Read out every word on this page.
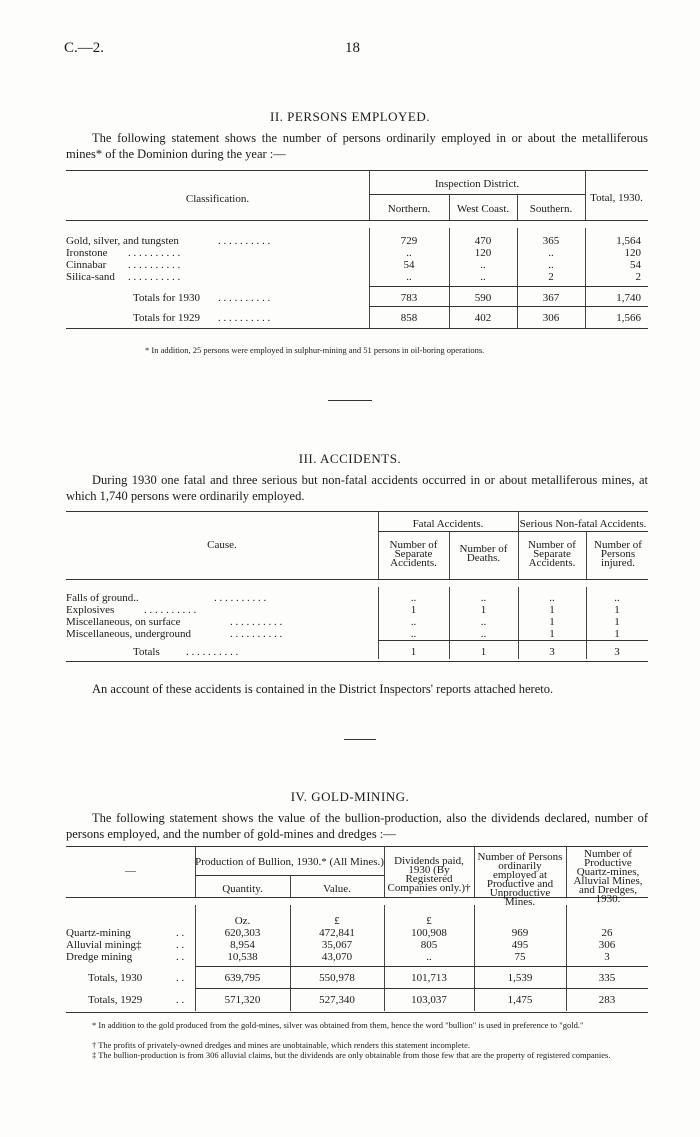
C.—2.	18
II. PERSONS EMPLOYED.
The following statement shows the number of persons ordinarily employed in or about the metalliferous mines* of the Dominion during the year :—
Classification.
Inspection District.
Northern.	West Coast.	Southern.
Total, 1930.
Gold, silver, and tungsten	. . . . . . . . . .	729	470	365	1,564
Ironstone . . . . . . . . . .	..	120	..	120
Cinnabar . . . . . . . . . .	54	..	..	54
Silica-sand . . . . . . . . . .	..	..	2	2
Totals for 1930 . . . . . . . . . .	783	590	367	1,740
Totals for 1929 . . . . . . . . . .	858	402	306	1,566
* In addition, 25 persons were employed in sulphur-mining and 51 persons in oil-boring operations.
III. ACCIDENTS.
During 1930 one fatal and three serious but non-fatal accidents occurred in or about metalliferous mines, at which 1,740 persons were ordinarily employed.
Cause.
Fatal Accidents.	Serious Non-fatal Accidents.
Number of Separate Accidents.
Number of Deaths.
Number of Separate Accidents.
Number of Persons injured.
Falls of ground..	. . . . . . . . . .	..	..	..	..
Explosives	. . . . . . . . . .	1	1	1	1
Miscellaneous, on surface	. . . . . . . . . .	..	..	1	1
Miscellaneous, underground	. . . . . . . . . .	..	..	1	1
Totals . . . . . . . . . .	1	1	3	3
An account of these accidents is contained in the District Inspectors' reports attached hereto.
IV. GOLD-MINING.
The following statement shows the value of the bullion-production, also the dividends declared, number of persons employed, and the number of gold-mines and dredges :—
—
Production of Bullion, 1930.* (All Mines.)
Quantity.	Value.
Dividends paid, 1930 (By Registered Companies only.)†
Number of Persons ordinarily employed at Productive and Unproductive Mines.
Number of Productive Quartz-mines, Alluvial Mines, and Dredges, 1930.
Oz.	£	£
Quartz-mining	. .	620,303	472,841	100,908	969	26
Alluvial mining‡	. .	8,954	35,067	805	495	306
Dredge mining	. .	10,538	43,070	..	75	3
Totals, 1930	. .	639,795	550,978	101,713	1,539	335
Totals, 1929	. .	571,320	527,340	103,037	1,475	283
* In addition to the gold produced from the gold-mines, silver was obtained from them, hence the word "bullion" is used in preference to "gold."
† The profits of privately-owned dredges and mines are unobtainable, which renders this statement incomplete.
‡ The bullion-production is from 306 alluvial claims, but the dividends are only obtainable from those few that are the property of registered companies.
